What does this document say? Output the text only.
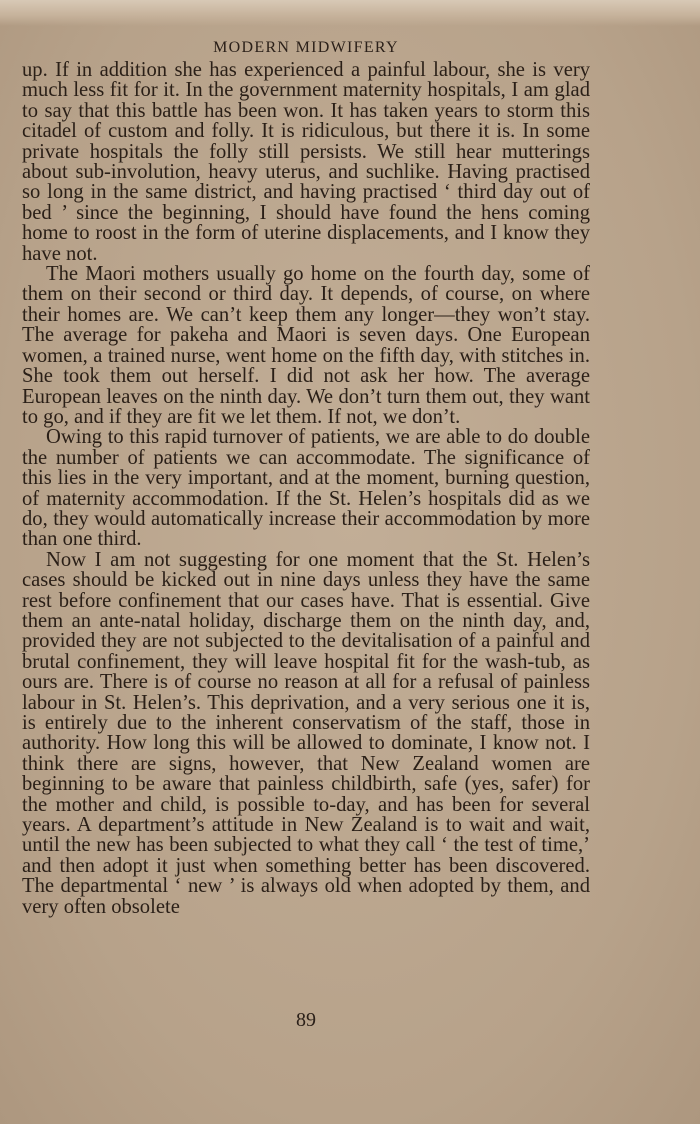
MODERN MIDWIFERY

up. If in addition she has experienced a painful labour, she is very much less fit for it. In the government maternity hospitals, I am glad to say that this battle has been won. It has taken years to storm this citadel of custom and folly. It is ridiculous, but there it is. In some private hospitals the folly still persists. We still hear mutterings about sub-involution, heavy uterus, and suchlike. Having practised so long in the same district, and having practised ‘ third day out of bed ’ since the beginning, I should have found the hens coming home to roost in the form of uterine displacements, and I know they have not.

The Maori mothers usually go home on the fourth day, some of them on their second or third day. It depends, of course, on where their homes are. We can’t keep them any longer—they won’t stay. The average for pakeha and Maori is seven days. One European women, a trained nurse, went home on the fifth day, with stitches in. She took them out herself. I did not ask her how. The average European leaves on the ninth day. We don’t turn them out, they want to go, and if they are fit we let them. If not, we don’t.

Owing to this rapid turnover of patients, we are able to do double the number of patients we can accommodate. The significance of this lies in the very important, and at the moment, burning question, of maternity accommodation. If the St. Helen’s hospitals did as we do, they would automatically increase their accommodation by more than one third.

Now I am not suggesting for one moment that the St. Helen’s cases should be kicked out in nine days unless they have the same rest before confinement that our cases have. That is essential. Give them an ante-natal holiday, discharge them on the ninth day, and, provided they are not subjected to the devitalisation of a painful and brutal confinement, they will leave hospital fit for the wash-tub, as ours are. There is of course no reason at all for a refusal of painless labour in St. Helen’s. This deprivation, and a very serious one it is, is entirely due to the inherent conservatism of the staff, those in authority. How long this will be allowed to dominate, I know not. I think there are signs, however, that New Zealand women are beginning to be aware that painless childbirth, safe (yes, safer) for the mother and child, is possible to-day, and has been for several years. A department’s attitude in New Zealand is to wait and wait, until the new has been subjected to what they call ‘ the test of time,’ and then adopt it just when something better has been discovered. The departmental ‘ new ’ is always old when adopted by them, and very often obsolete

89
